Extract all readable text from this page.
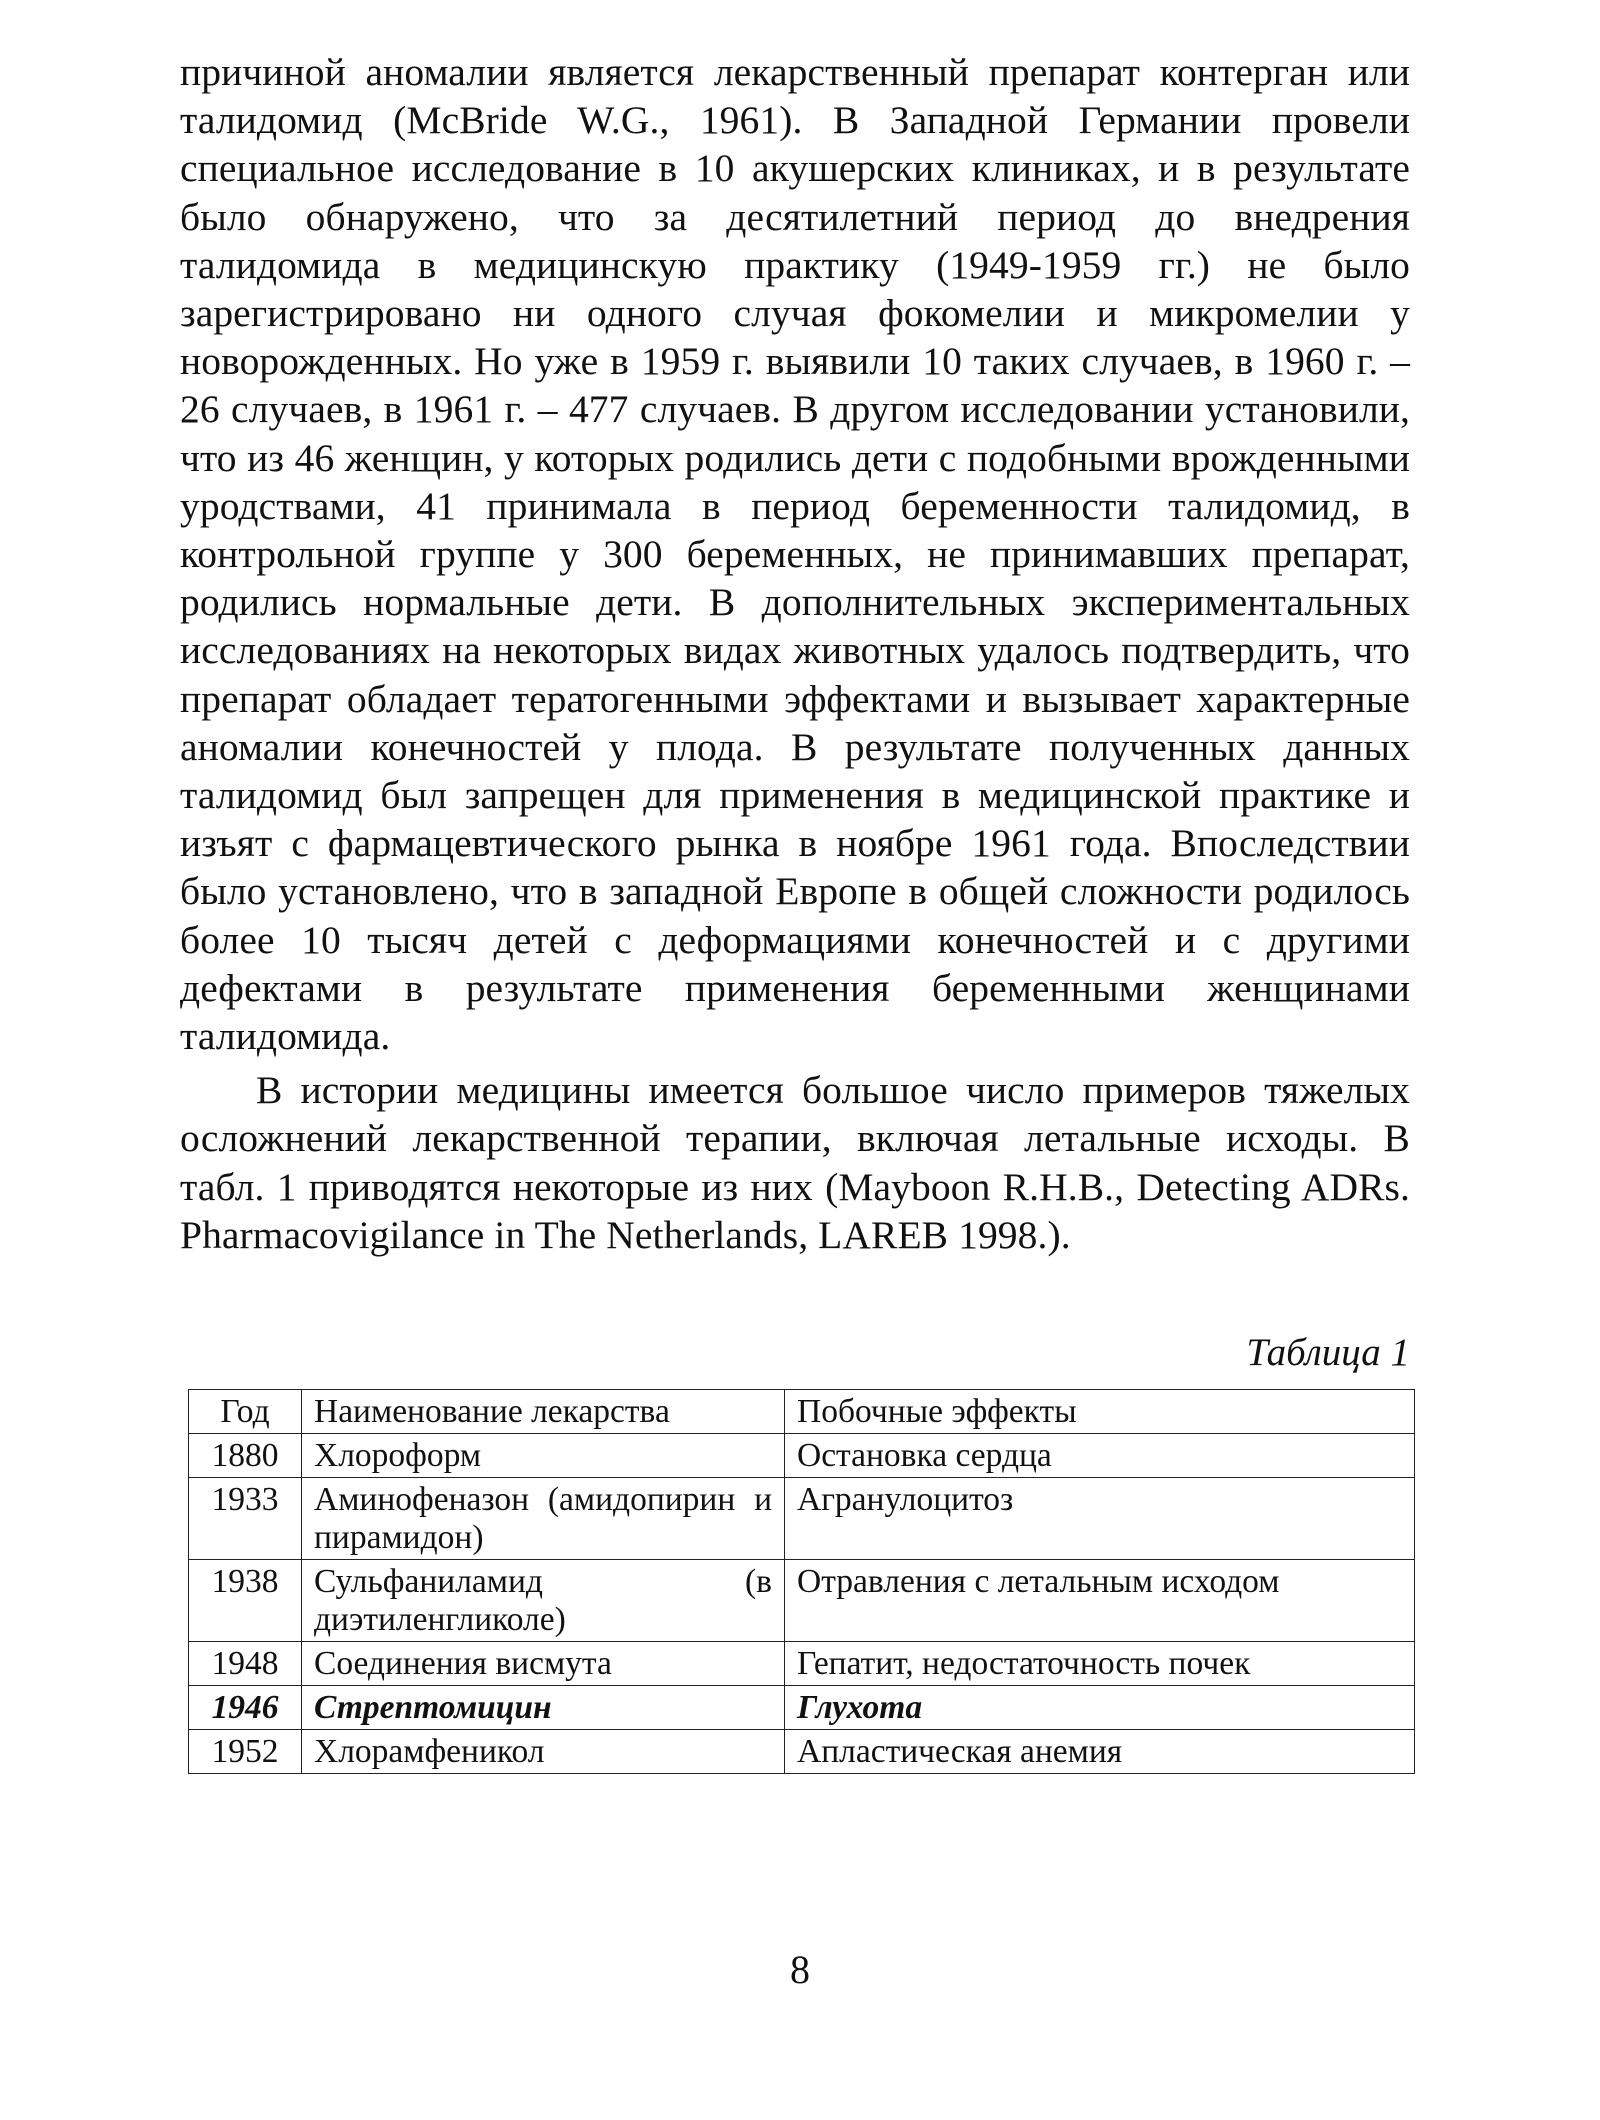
причиной аномалии является лекарственный препарат контерган или талидомид (McBride W.G., 1961). В Западной Германии провели специальное исследование в 10 акушерских клиниках, и в результате было обнаружено, что за десятилетний период до внедрения талидомида в медицинскую практику (1949-1959 гг.) не было зарегистрировано ни одного случая фокомелии и микромелии у новорожденных. Но уже в 1959 г. выявили 10 таких случаев, в 1960 г. – 26 случаев, в 1961 г. – 477 случаев. В другом исследовании установили, что из 46 женщин, у которых родились дети с подобными врожденными уродствами, 41 принимала в период беременности талидомид, в контрольной группе у 300 беременных, не принимавших препарат, родились нормальные дети. В дополнительных экспериментальных исследованиях на некоторых видах животных удалось подтвердить, что препарат обладает тератогенными эффектами и вызывает характерные аномалии конечностей у плода. В результате полученных данных талидомид был запрещен для применения в медицинской практике и изъят с фармацевтического рынка в ноябре 1961 года. Впоследствии было установлено, что в западной Европе в общей сложности родилось более 10 тысяч детей с деформациями конечностей и с другими дефектами в результате применения беременными женщинами талидомида.

В истории медицины имеется большое число примеров тяжелых осложнений лекарственной терапии, включая летальные исходы. В табл. 1 приводятся некоторые из них (Mayboon R.H.B., Detecting ADRs. Pharmacovigilance in The Netherlands, LAREB 1998.).

Таблица 1
Год	Наименование лекарства	Побочные эффекты
1880	Хлороформ	Остановка сердца
1933	Аминофеназон (амидопирин и пирамидон)	Агранулоцитоз
1938	Сульфаниламид (в диэтиленгликоле)	Отравления с летальным исходом
1948	Соединения висмута	Гепатит, недостаточность почек
1946	Стрептомицин	Глухота
1952	Хлорамфеникол	Апластическая анемия
8
